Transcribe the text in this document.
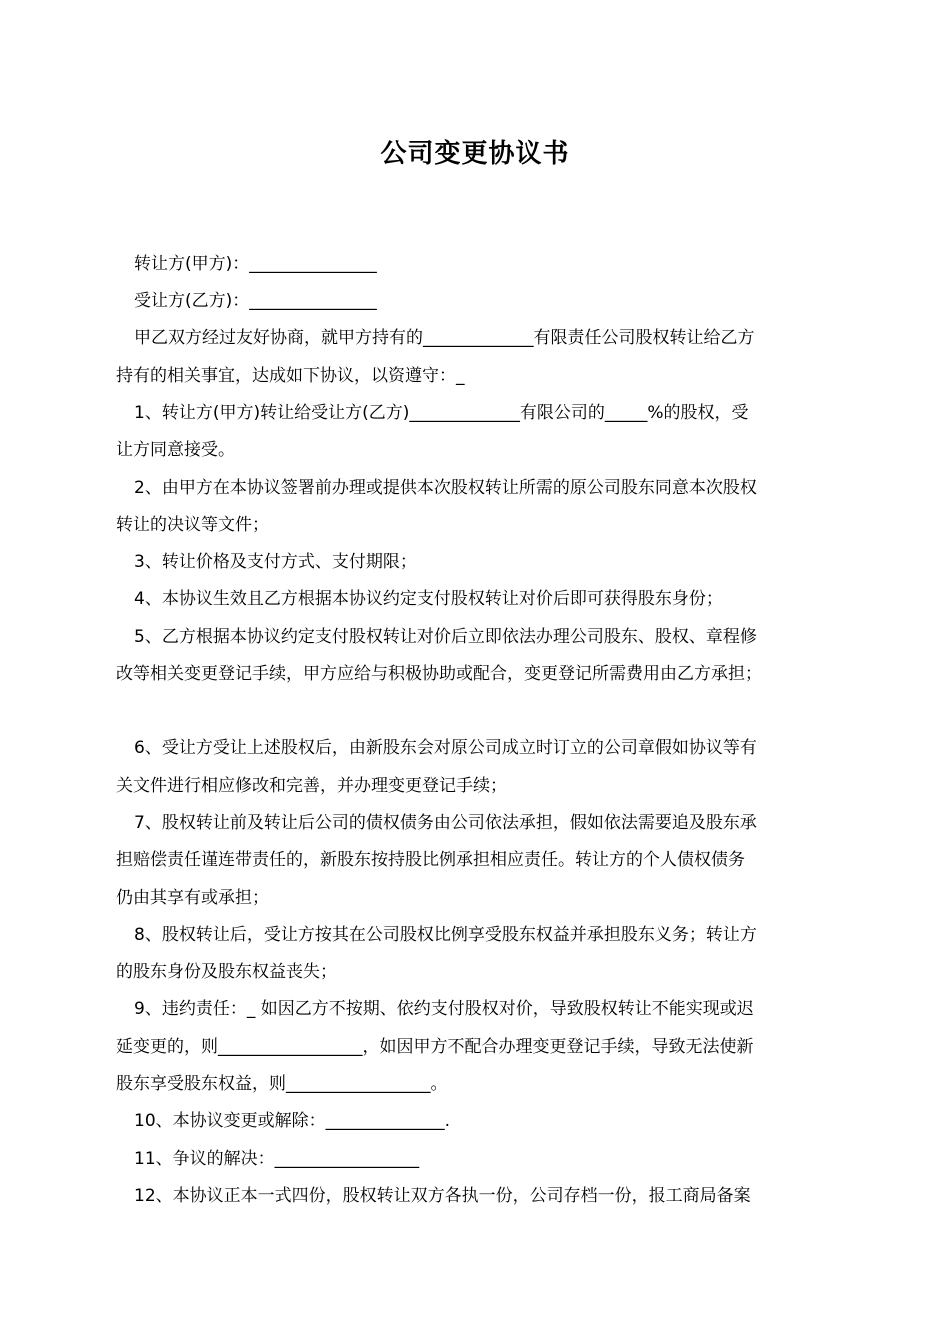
公司变更协议书
转让方(甲方)：_______________
受让方(乙方)：_______________
甲乙双方经过友好协商，就甲方持有的_____________有限责任公司股权转让给乙方
持有的相关事宜，达成如下协议，以资遵守：_
1、转让方(甲方)转让给受让方(乙方)_____________有限公司的_____%的股权，受
让方同意接受。
2、由甲方在本协议签署前办理或提供本次股权转让所需的原公司股东同意本次股权
转让的决议等文件；
3、转让价格及支付方式、支付期限；
4、本协议生效且乙方根据本协议约定支付股权转让对价后即可获得股东身份；
5、乙方根据本协议约定支付股权转让对价后立即依法办理公司股东、股权、章程修
改等相关变更登记手续，甲方应给与积极协助或配合，变更登记所需费用由乙方承担；
6、受让方受让上述股权后，由新股东会对原公司成立时订立的公司章假如协议等有
关文件进行相应修改和完善，并办理变更登记手续；
7、股权转让前及转让后公司的债权债务由公司依法承担，假如依法需要追及股东承
担赔偿责任谨连带责任的，新股东按持股比例承担相应责任。转让方的个人债权债务
仍由其享有或承担；
8、股权转让后，受让方按其在公司股权比例享受股东权益并承担股东义务；转让方
的股东身份及股东权益丧失；
9、违约责任：_ 如因乙方不按期、依约支付股权对价，导致股权转让不能实现或迟
延变更的，则_________________，如因甲方不配合办理变更登记手续，导致无法使新
股东享受股东权益，则_________________。
10、本协议变更或解除：______________.
11、争议的解决：_________________
12、本协议正本一式四份，股权转让双方各执一份，公司存档一份，报工商局备案
